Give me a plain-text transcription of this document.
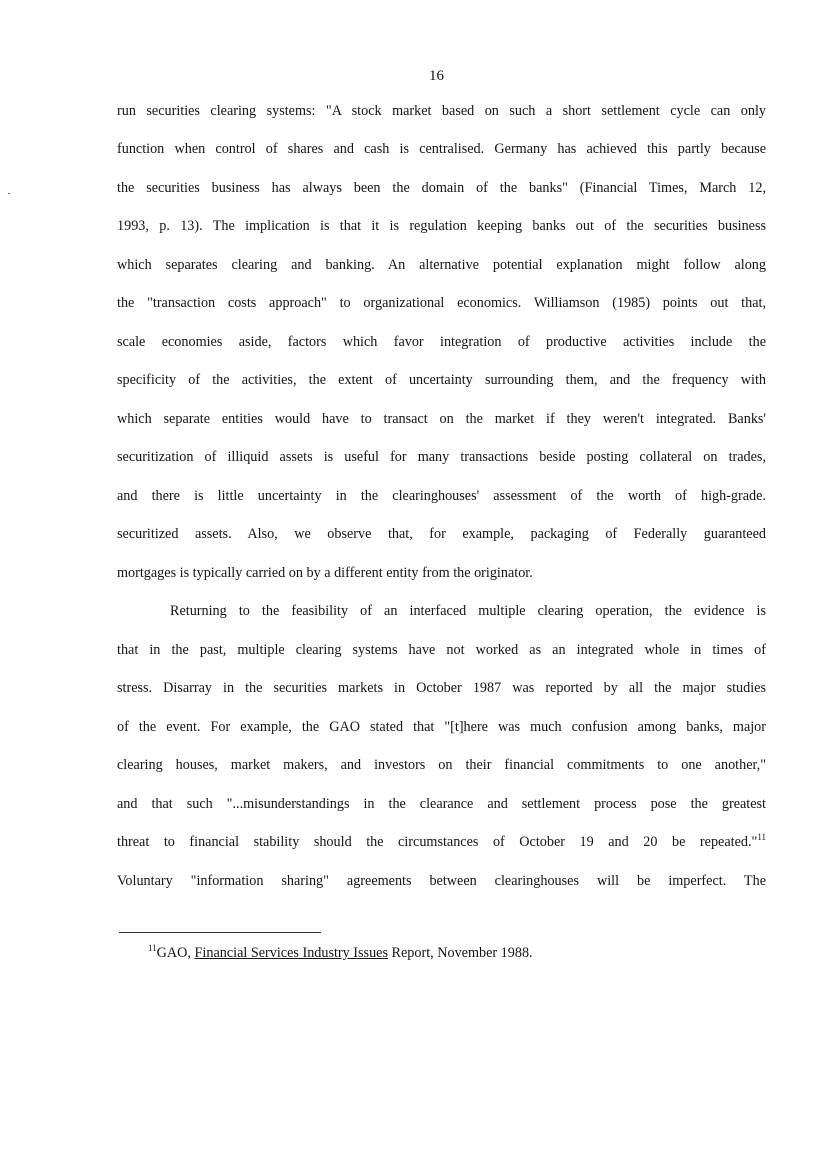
16
run securities clearing systems: "A stock market based on such a short settlement cycle can only
function when control of shares and cash is centralised. Germany has achieved this partly because
the securities business has always been the domain of the banks" (Financial Times, March 12,
1993, p. 13). The implication is that it is regulation keeping banks out of the securities business
which separates clearing and banking. An alternative potential explanation might follow along
the "transaction costs approach" to organizational economics. Williamson (1985) points out that,
scale economies aside, factors which favor integration of productive activities include the
specificity of the activities, the extent of uncertainty surrounding them, and the frequency with
which separate entities would have to transact on the market if they weren't integrated. Banks'
securitization of illiquid assets is useful for many transactions beside posting collateral on trades,
and there is little uncertainty in the clearinghouses' assessment of the worth of high-grade.
securitized assets. Also, we observe that, for example, packaging of Federally guaranteed
mortgages is typically carried on by a different entity from the originator.
Returning to the feasibility of an interfaced multiple clearing operation, the evidence is
that in the past, multiple clearing systems have not worked as an integrated whole in times of
stress. Disarray in the securities markets in October 1987 was reported by all the major studies
of the event. For example, the GAO stated that "[t]here was much confusion among banks, major
clearing houses, market makers, and investors on their financial commitments to one another,"
and that such "...misunderstandings in the clearance and settlement process pose the greatest
threat to financial stability should the circumstances of October 19 and 20 be repeated."$^{11}$
Voluntary "information sharing" agreements between clearinghouses will be imperfect. The
$^{11}$GAO, Financial Services Industry Issues Report, November 1988.
